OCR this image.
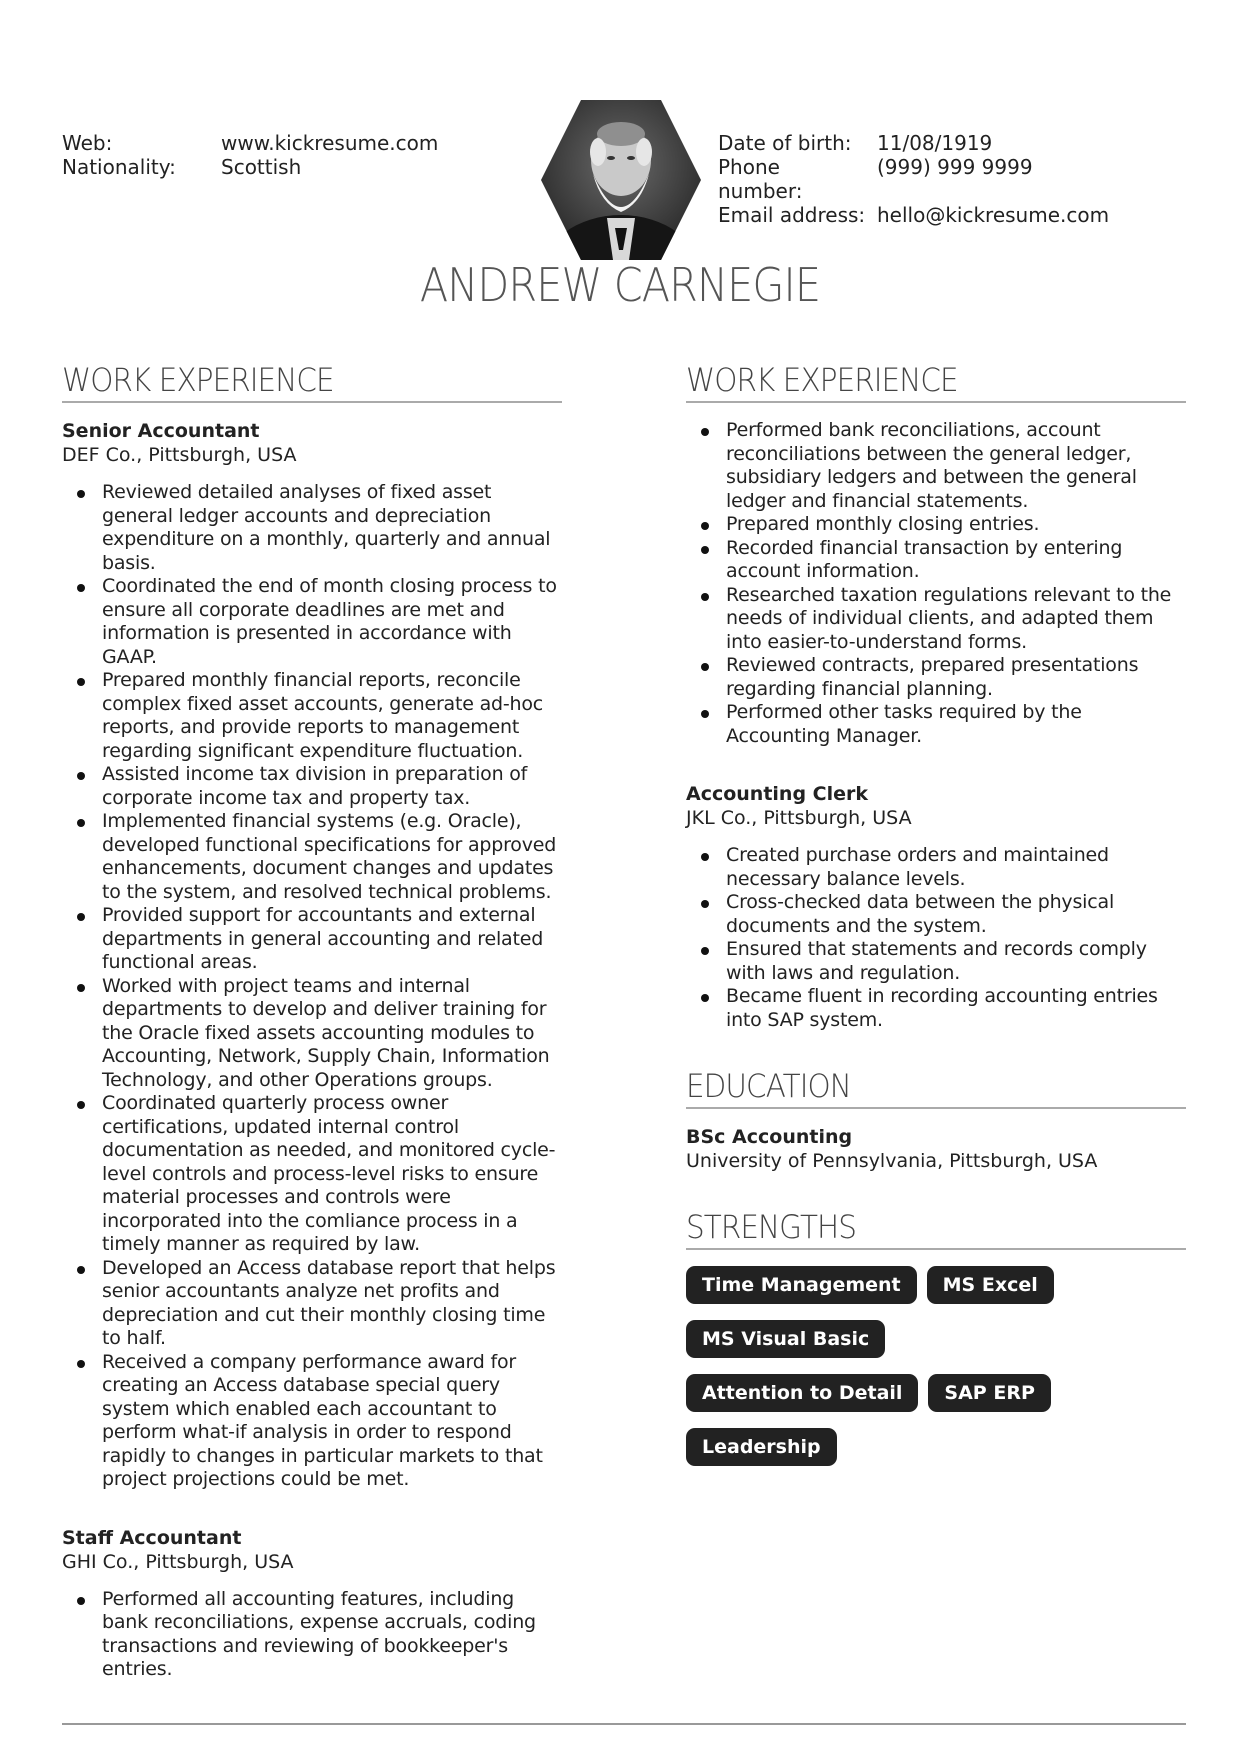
Web:	www.kickresume.com
Nationality:	Scottish
Date of birth:	11/08/1919
Phone number:
(999) 999 9999
Email address: hello@kickresume.com
ANDREW CARNEGIE
WORK EXPERIENCE
Senior Accountant
DEF Co., Pittsburgh, USA
Reviewed detailed analyses of fixed asset general ledger accounts and depreciation expenditure on a monthly, quarterly and annual basis.
Coordinated the end of month closing process to ensure all corporate deadlines are met and information is presented in accordance with GAAP.
Prepared monthly financial reports, reconcile complex fixed asset accounts, generate ad-hoc reports, and provide reports to management regarding significant expenditure fluctuation.
Assisted income tax division in preparation of corporate income tax and property tax.
Implemented financial systems (e.g. Oracle), developed functional specifications for approved enhancements, document changes and updates to the system, and resolved technical problems.
Provided support for accountants and external departments in general accounting and related functional areas.
Worked with project teams and internal departments to develop and deliver training for the Oracle fixed assets accounting modules to Accounting, Network, Supply Chain, Information Technology, and other Operations groups.
Coordinated quarterly process owner certifications, updated internal control documentation as needed, and monitored cycle-level controls and process-level risks to ensure material processes and controls were incorporated into the comliance process in a timely manner as required by law.
Developed an Access database report that helps senior accountants analyze net profits and depreciation and cut their monthly closing time to half.
Received a company performance award for creating an Access database special query system which enabled each accountant to perform what-if analysis in order to respond rapidly to changes in particular markets to that project projections could be met.
Staff Accountant
GHI Co., Pittsburgh, USA
Performed all accounting features, including bank reconciliations, expense accruals, coding transactions and reviewing of bookkeeper's entries.
WORK EXPERIENCE
Performed bank reconciliations, account reconciliations between the general ledger, subsidiary ledgers and between the general ledger and financial statements.
Prepared monthly closing entries.
Recorded financial transaction by entering account information.
Researched taxation regulations relevant to the needs of individual clients, and adapted them into easier-to-understand forms.
Reviewed contracts, prepared presentations regarding financial planning.
Performed other tasks required by the Accounting Manager.
Accounting Clerk
JKL Co., Pittsburgh, USA
Created purchase orders and maintained necessary balance levels.
Cross-checked data between the physical documents and the system.
Ensured that statements and records comply with laws and regulation.
Became fluent in recording accounting entries into SAP system.
EDUCATION
BSc Accounting
University of Pennsylvania, Pittsburgh, USA
STRENGTHS
Time Management	MS Excel
MS Visual Basic
Attention to Detail	SAP ERP
Leadership
